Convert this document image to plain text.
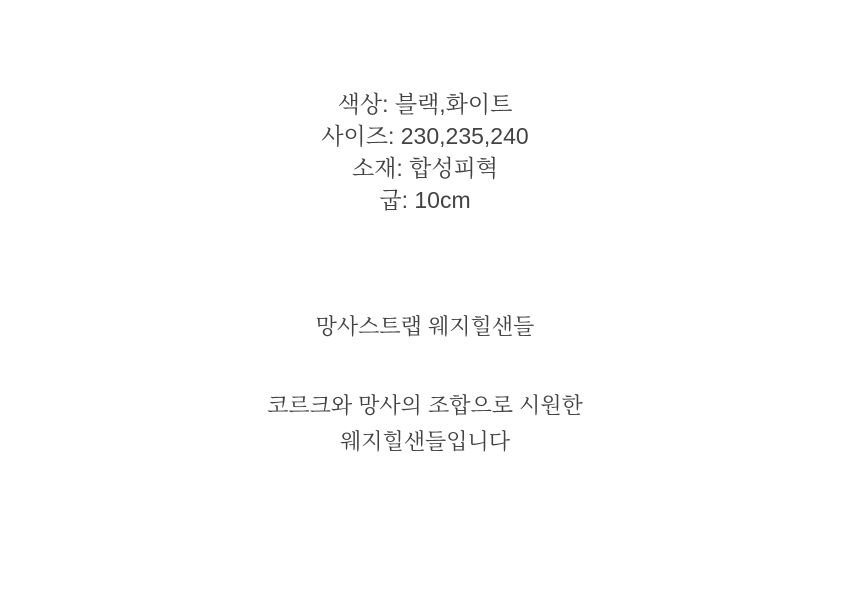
색상: 블랙,화이트
사이즈: 230,235,240
소재: 합성피혁
굽: 10cm
망사스트랩 웨지힐샌들
코르크와 망사의 조합으로 시원한
웨지힐샌들입니다
